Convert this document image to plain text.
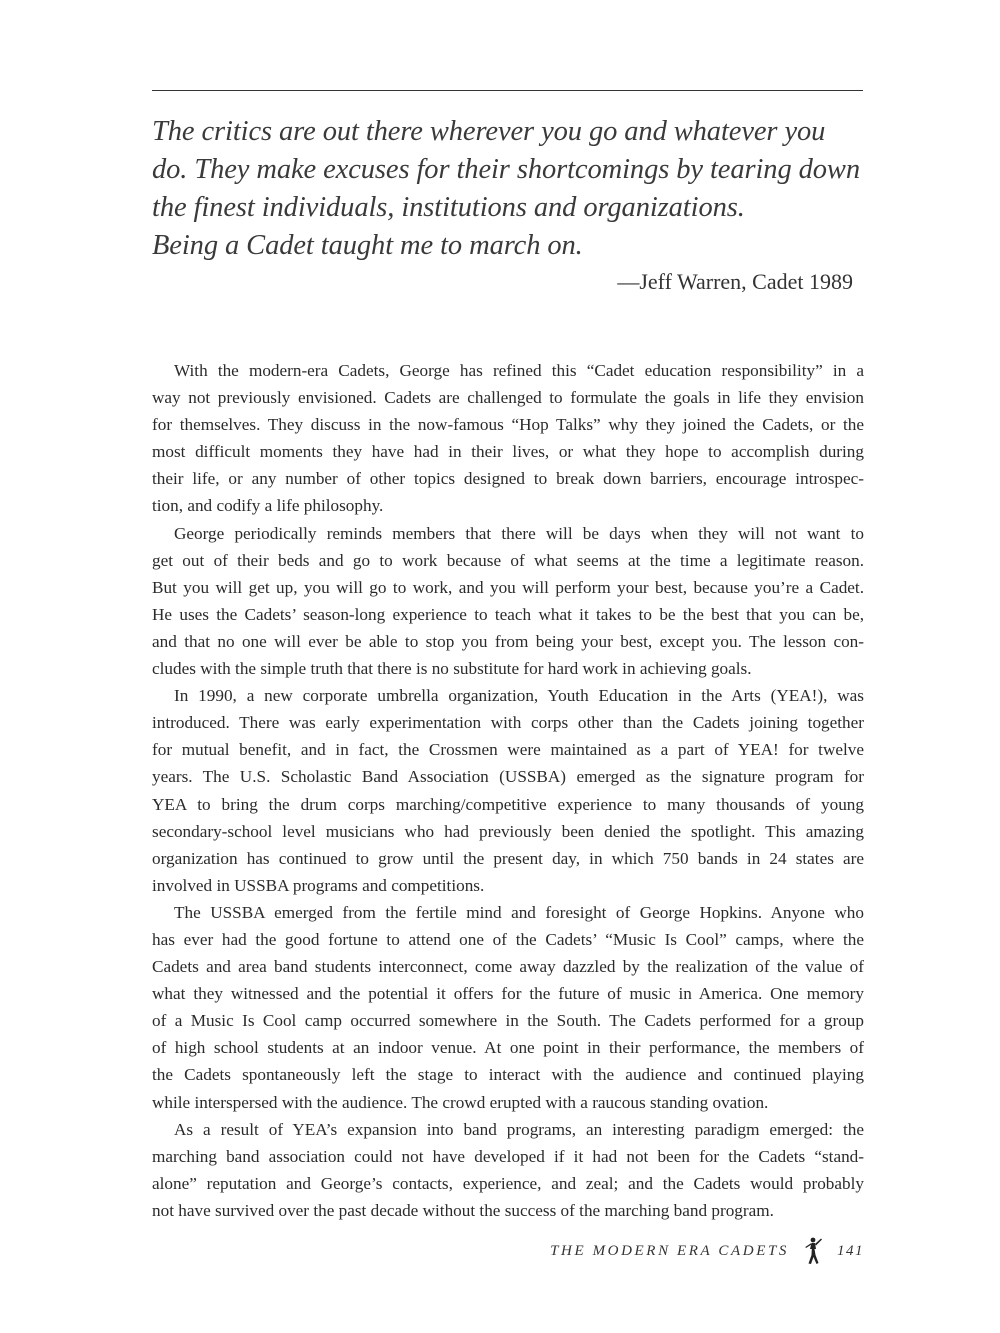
The critics are out there wherever you go and whatever you
do. They make excuses for their shortcomings by tearing down
the finest individuals, institutions and organizations.
Being a Cadet taught me to march on.
—Jeff Warren, Cadet 1989
With the modern-era Cadets, George has refined this “Cadet education responsibility” in a
way not previously envisioned. Cadets are challenged to formulate the goals in life they envision
for themselves. They discuss in the now-famous “Hop Talks” why they joined the Cadets, or the
most difficult moments they have had in their lives, or what they hope to accomplish during
their life, or any number of other topics designed to break down barriers, encourage introspec-
tion, and codify a life philosophy.
George periodically reminds members that there will be days when they will not want to
get out of their beds and go to work because of what seems at the time a legitimate reason.
But you will get up, you will go to work, and you will perform your best, because you’re a Cadet.
He uses the Cadets’ season-long experience to teach what it takes to be the best that you can be,
and that no one will ever be able to stop you from being your best, except you. The lesson con-
cludes with the simple truth that there is no substitute for hard work in achieving goals.
In 1990, a new corporate umbrella organization, Youth Education in the Arts (YEA!), was
introduced. There was early experimentation with corps other than the Cadets joining together
for mutual benefit, and in fact, the Crossmen were maintained as a part of YEA! for twelve
years. The U.S. Scholastic Band Association (USSBA) emerged as the signature program for
YEA to bring the drum corps marching/competitive experience to many thousands of young
secondary-school level musicians who had previously been denied the spotlight. This amazing
organization has continued to grow until the present day, in which 750 bands in 24 states are
involved in USSBA programs and competitions.
The USSBA emerged from the fertile mind and foresight of George Hopkins. Anyone who
has ever had the good fortune to attend one of the Cadets’ “Music Is Cool” camps, where the
Cadets and area band students interconnect, come away dazzled by the realization of the value of
what they witnessed and the potential it offers for the future of music in America. One memory
of a Music Is Cool camp occurred somewhere in the South. The Cadets performed for a group
of high school students at an indoor venue. At one point in their performance, the members of
the Cadets spontaneously left the stage to interact with the audience and continued playing
while interspersed with the audience. The crowd erupted with a raucous standing ovation.
As a result of YEA’s expansion into band programs, an interesting paradigm emerged: the
marching band association could not have developed if it had not been for the Cadets “stand-
alone” reputation and George’s contacts, experience, and zeal; and the Cadets would probably
not have survived over the past decade without the success of the marching band program.
THE MODERN ERA CADETS	141
